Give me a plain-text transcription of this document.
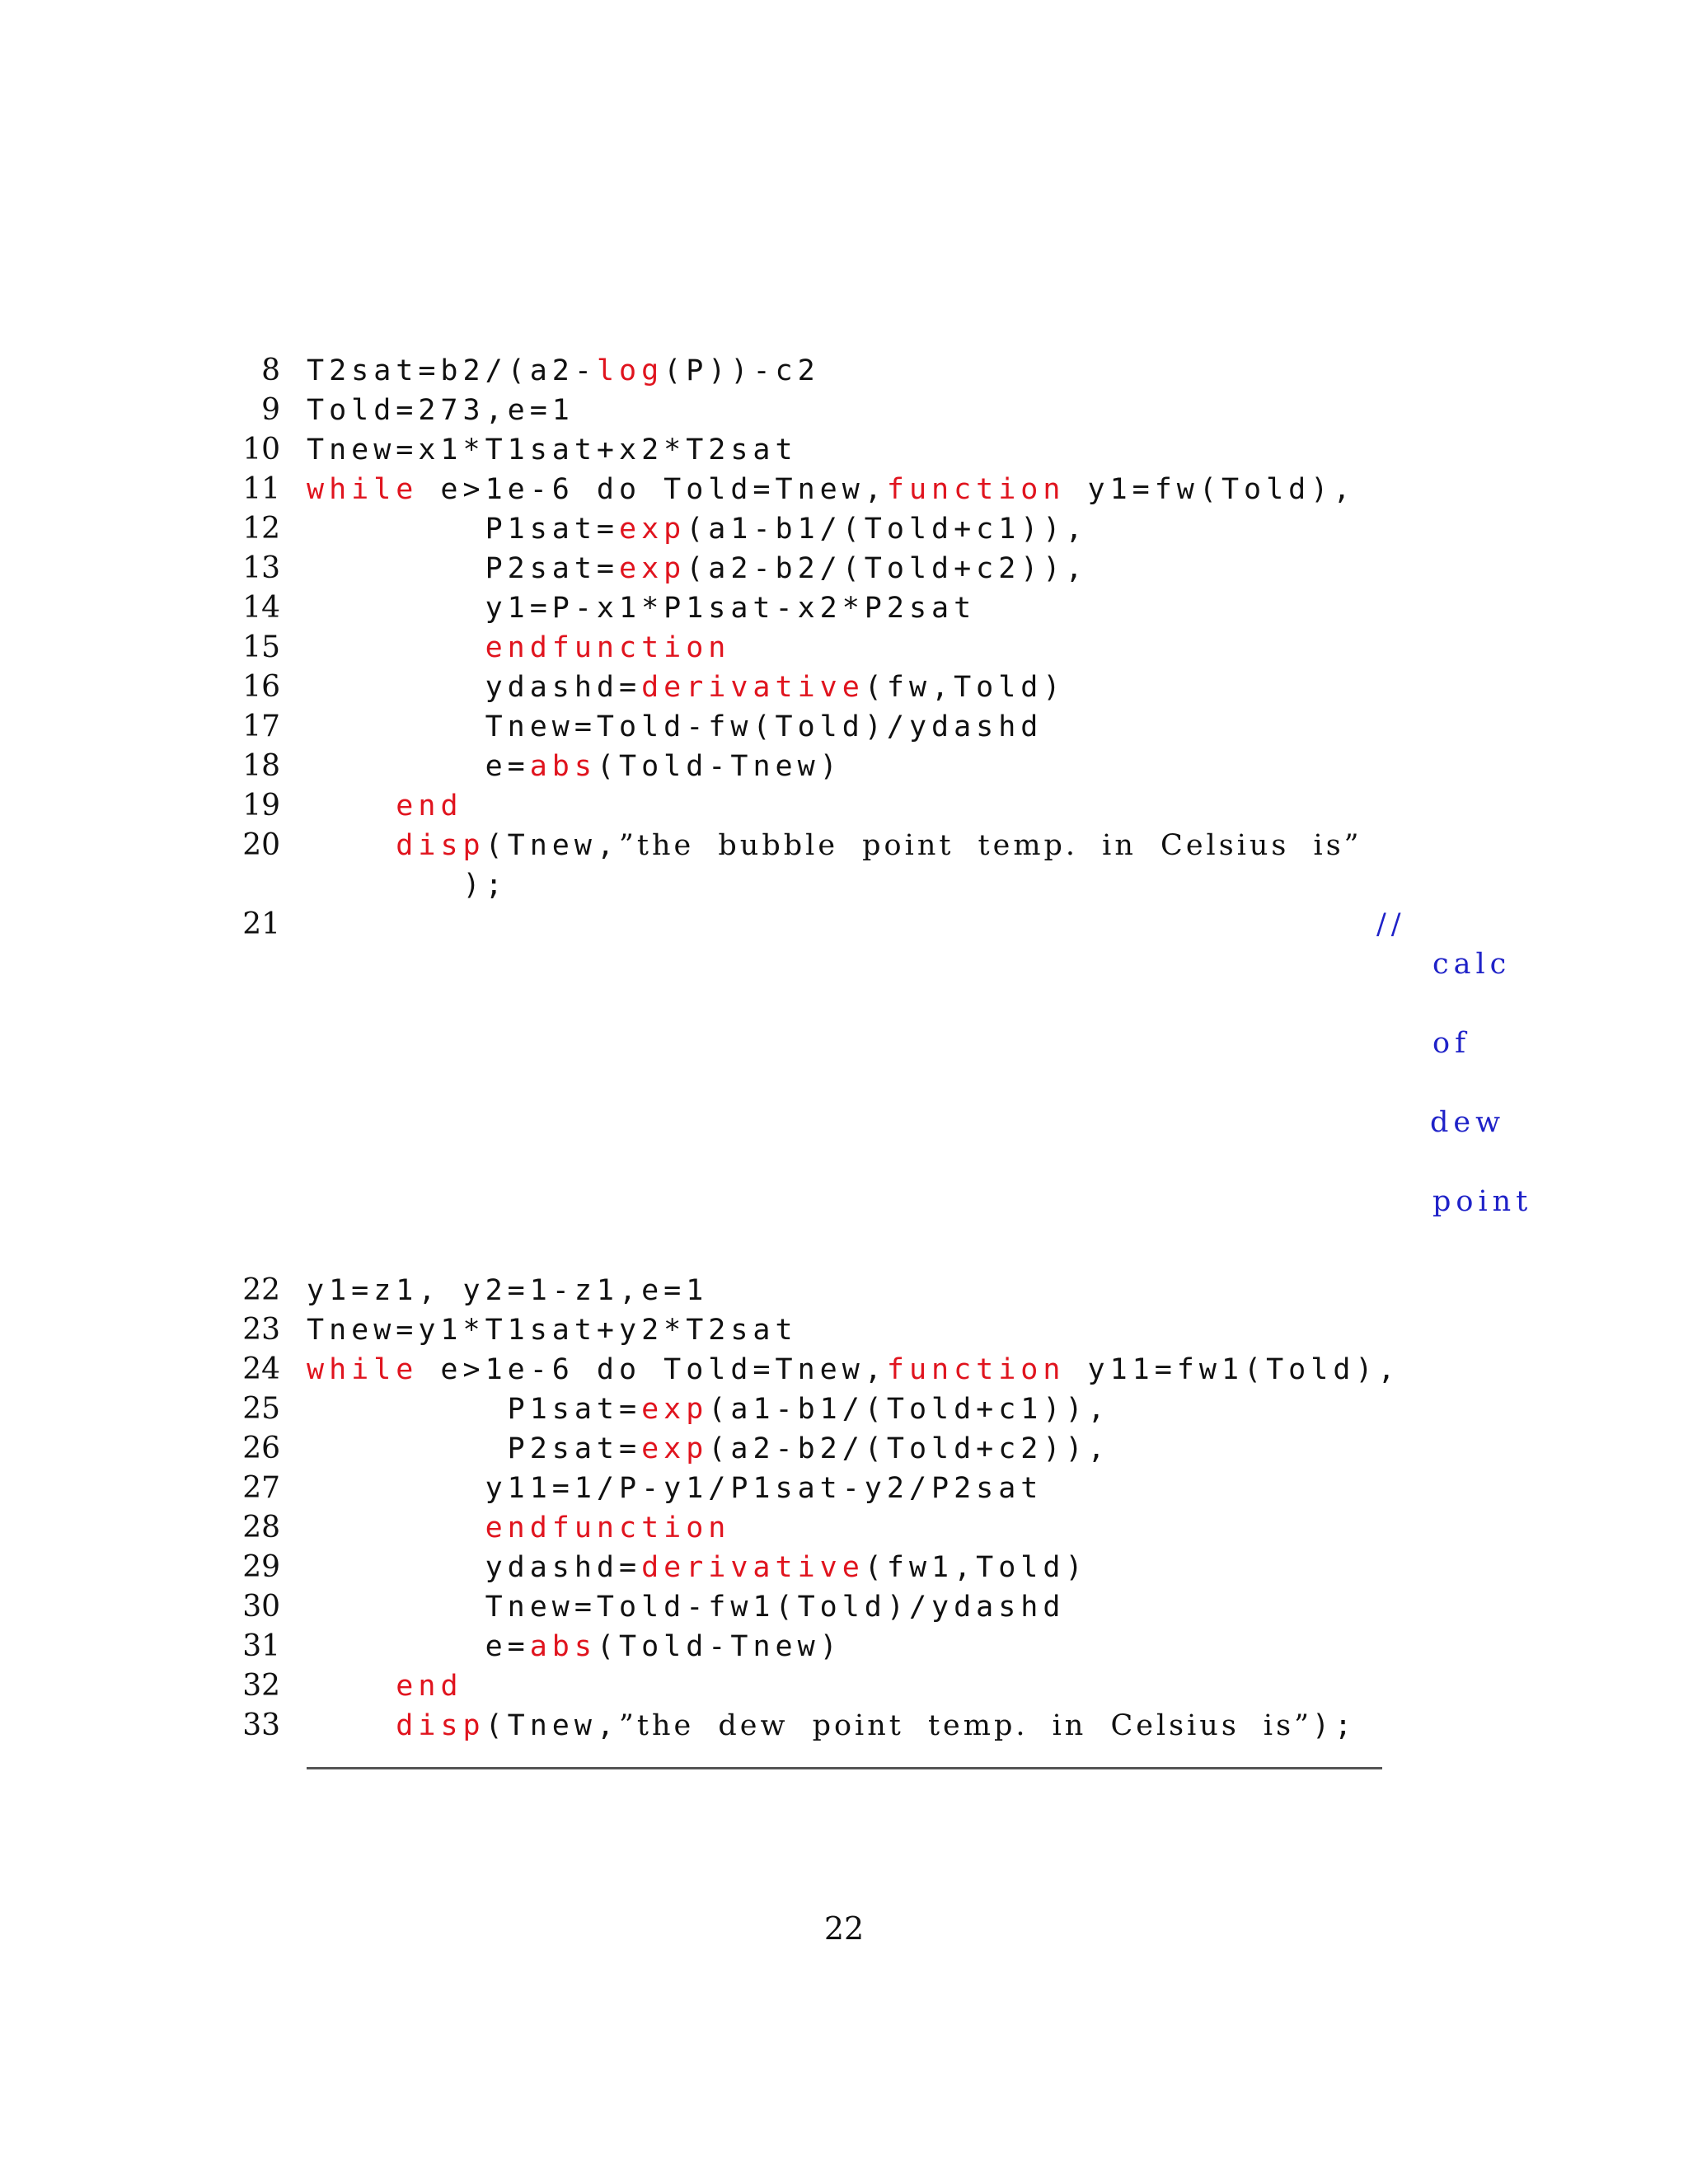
8 T2sat=b2/(a2-log(P))-c2
9 Told=273,e=1
10 Tnew=x1*T1sat+x2*T2sat
11 while e>1e-6 do Told=Tnew,function y1=fw(Told),
12 P1sat=exp(a1-b1/(Told+c1)),
13 P2sat=exp(a2-b2/(Told+c2)),
14 y1=P-x1*P1sat-x2*P2sat
15	endfunction
16 ydashd=derivative(fw,Told)
17 Tnew=Told-fw(Told)/ydashd
18 e=abs(Told-Tnew)
19	end
20	disp(Tnew,”the bubble point temp. in Celsius is”
);
21
22 y1=z1, y2=1-z1,e=1
23 Tnew=y1*T1sat+y2*T2sat
24 while e>1e-6 do Told=Tnew,function y11=fw1(Told),
25 P1sat=exp(a1-b1/(Told+c1)),
26 P2sat=exp(a2-b2/(Told+c2)),
27 y11=1/P-y1/P1sat-y2/P2sat
28	endfunction
29 ydashd=derivative(fw1,Told)
30 Tnew=Told-fw1(Told)/ydashd
31 e=abs(Told-Tnew)
32	end
33	disp(Tnew,”the dew point temp. in Celsius is”);
//
calc
of
dew
point
22
